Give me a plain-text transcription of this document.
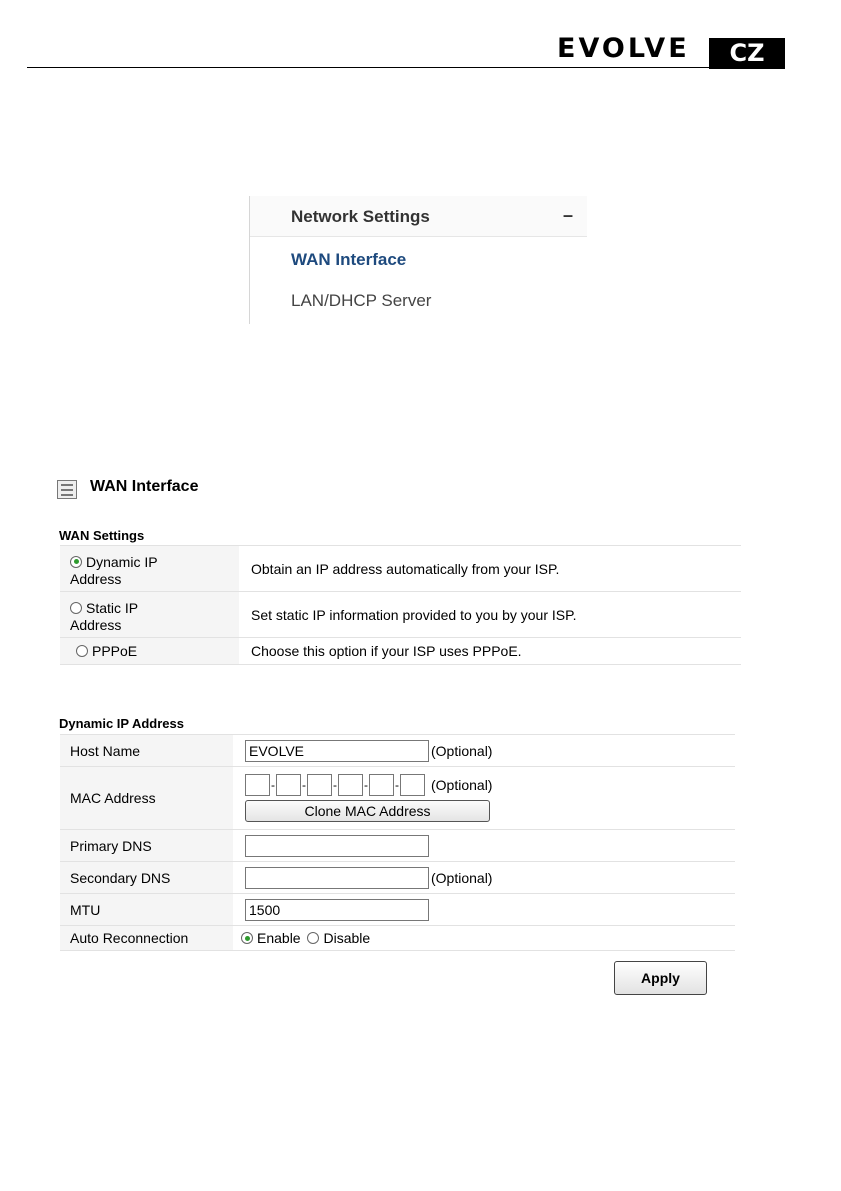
EVOLVE	CZ
Network Settings	–
WAN Interface
LAN/DHCP Server
WAN Interface
WAN Settings
Dynamic IP
Address	Obtain an IP address automatically from your ISP.
Static IP
Address	Set static IP information provided to you by your ISP.
PPPoE	Choose this option if your ISP uses PPPoE.
Dynamic IP Address
Host Name	EVOLVE (Optional)
MAC Address	- - - - - (Optional)
Clone MAC Address

Primary DNS	
Secondary DNS	(Optional)
MTU	1500
Auto Reconnection	Enable Disable
Apply
